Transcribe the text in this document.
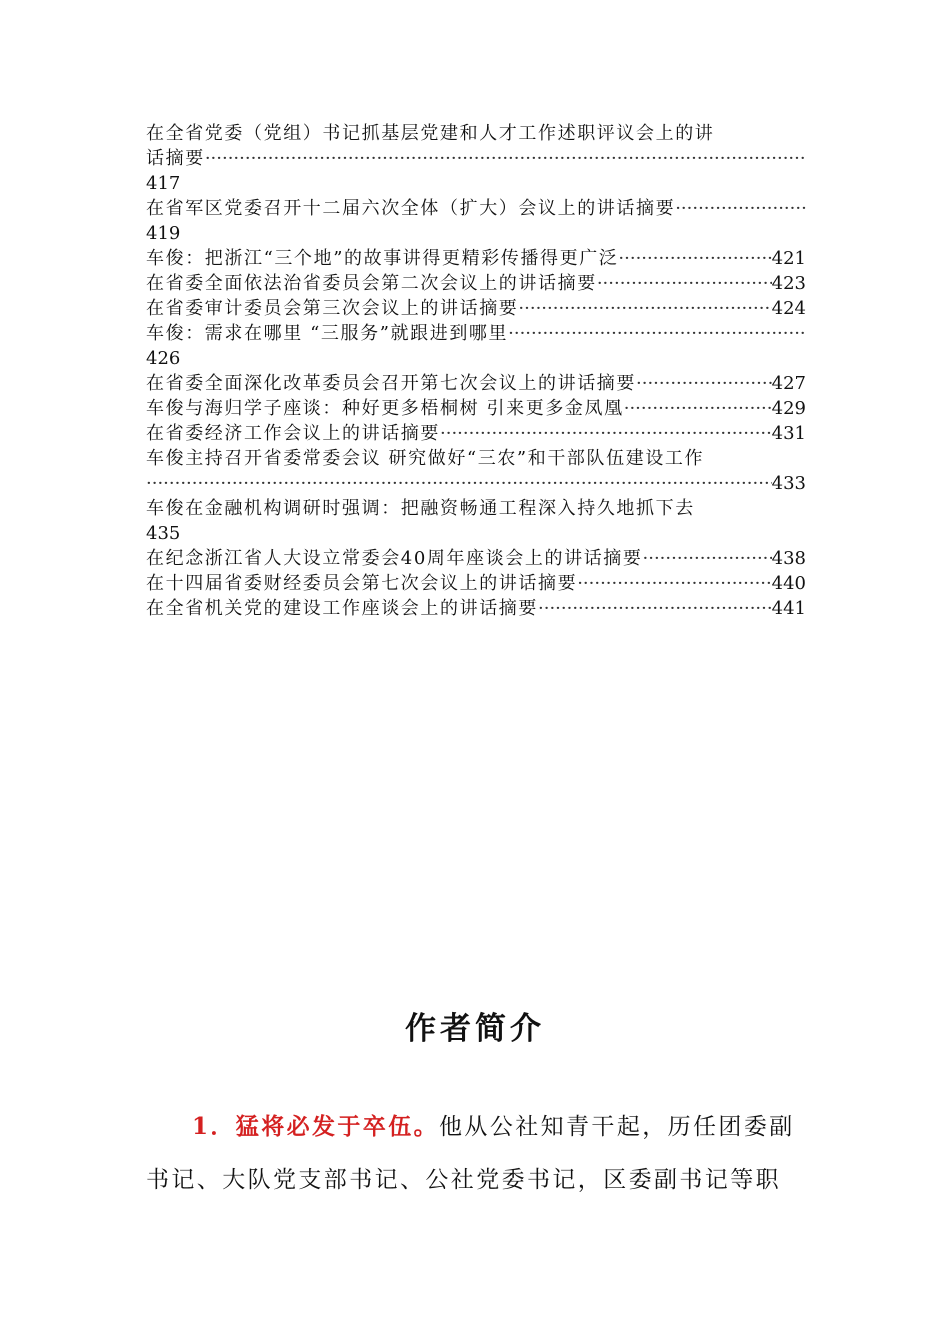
在全省党委（党组）书记抓基层党建和人才工作述职评议会上的讲
话摘要
·····
417
在省军区党委召开十二届六次全体（扩大）会议上的讲话摘要
·····
419
车俊：把浙江“三个地”的故事讲得更精彩传播得更广泛 ·····	421
在省委全面依法治省委员会第二次会议上的讲话摘要 ·····	423
在省委审计委员会第三次会议上的讲话摘要 ·····	424
车俊：需求在哪里 “三服务”就跟进到哪里
·····
426
在省委全面深化改革委员会召开第七次会议上的讲话摘要 ·····	427
车俊与海归学子座谈：种好更多梧桐树 引来更多金凤凰 ·····	429
在省委经济工作会议上的讲话摘要 ·····	431
车俊主持召开省委常委会议 研究做好“三农”和干部队伍建设工作
·····
433
车俊在金融机构调研时强调：把融资畅通工程深入持久地抓下去
435
在纪念浙江省人大设立常委会40周年座谈会上的讲话摘要 ·····	438
在十四届省委财经委员会第七次会议上的讲话摘要 ·····	440
在全省机关党的建设工作座谈会上的讲话摘要 ·····	441
作者简介
1．猛将必发于卒伍。他从公社知青干起，历任团委副
书记、大队党支部书记、公社党委书记，区委副书记等职
